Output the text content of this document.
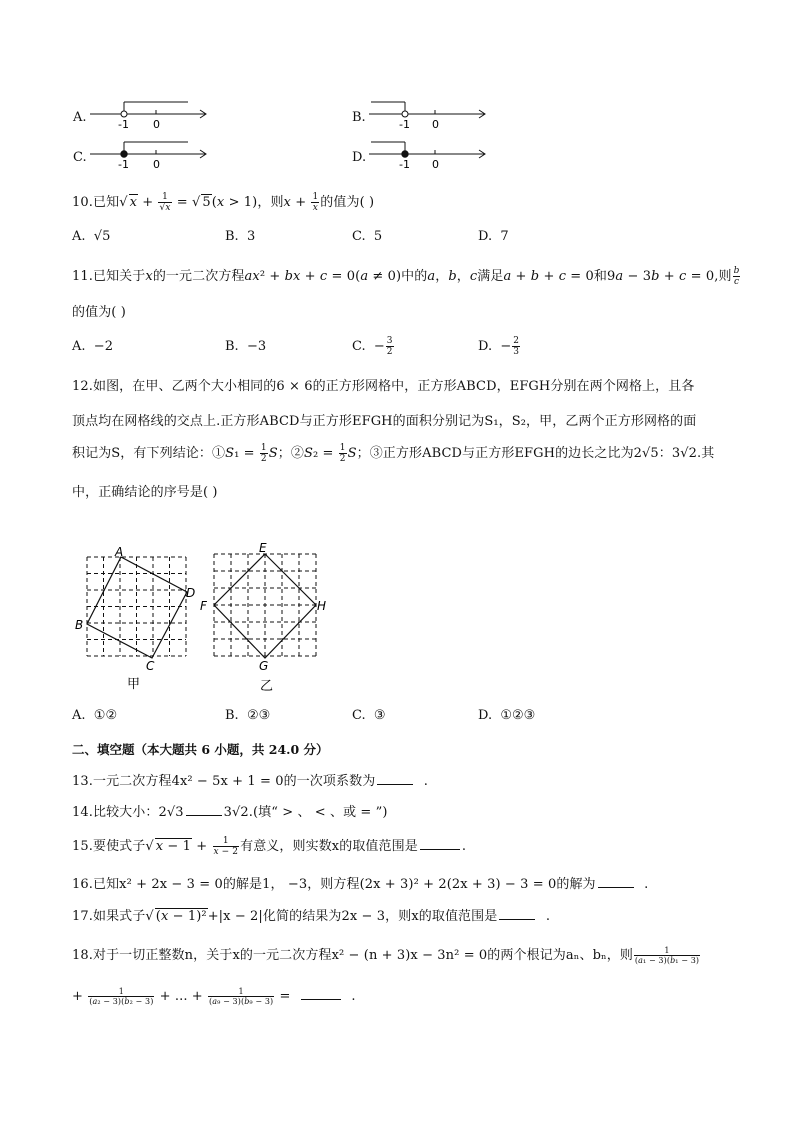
A.	-1 0	B.	-1 0
C.	-1 0	D.	-1 0
10.已知√ $x + \frac{1}{√x}$ = √ 5(x > 1)，则$x + \frac{1}{x}$ 的值为( )
A. √5	B. 3	C. 5	D. 7
11.已知关于x的一元二次方程ax² + bx + c = 0(a ≠ 0)中的a，b，c满足a + b + c = 0和9a − 3b + c = 0,则 $\frac{b}{c}$
的值为( )
A. −2	B. −3	C. − $\frac{3}{2}$	D. − $\frac{2}{3}$
12.如图，在甲、乙两个大小相同的6 × 6的正方形网格中，正方形ABCD，EFGH分别在两个网格上，且各
顶点均在网格线的交点上.正方形ABCD与正方形EFGH的面积分别记为S₁，S₂，甲，乙两个正方形网格的面
积记为S，有下列结论：①S₁ = $\frac{1}{2}$ S；②S₂ = $\frac{1}{2}$ S；③正方形ABCD与正方形EFGH的边长之比为2√5：3√2.其
中，正确结论的序号是( )
A
B
C
D
甲
E
F
G
H
乙
A. ①②	B. ②③	C. ③	D. ①②③
二、填空题（本大题共 6 小题，共 24.0 分）
13.一元二次方程4x² − 5x + 1 = 0的一次项系数为	.
14.比较大小：2√3	3√2.(填“ > 、 < 、或 = ”)
15.要使式子√ $x - 1 + \frac{1}{x - 2}$ 有意义，则实数x的取值范围是	.
16.已知x² + 2x − 3 = 0的解是1， −3，则方程(2x + 3)² + 2(2x + 3) − 3 = 0的解为	.
17.如果式子√ (x − 1)²+|x − 2|化简的结果为2x − 3，则x的取值范围是	.
18.对于一切正整数n，关于x的一元二次方程x² − (n + 3)x − 3n² = 0的两个根记为aₙ、bₙ，则 $\frac{1}{\text{(a₁ − 3)(b₁ − 3)}}$
+ $\frac{1}{\text{(a₂ − 3)(b₂ − 3)}}$ + ... + $\frac{1}{\text{(a₉ − 3)(b₉ − 3)}}$ =	.
